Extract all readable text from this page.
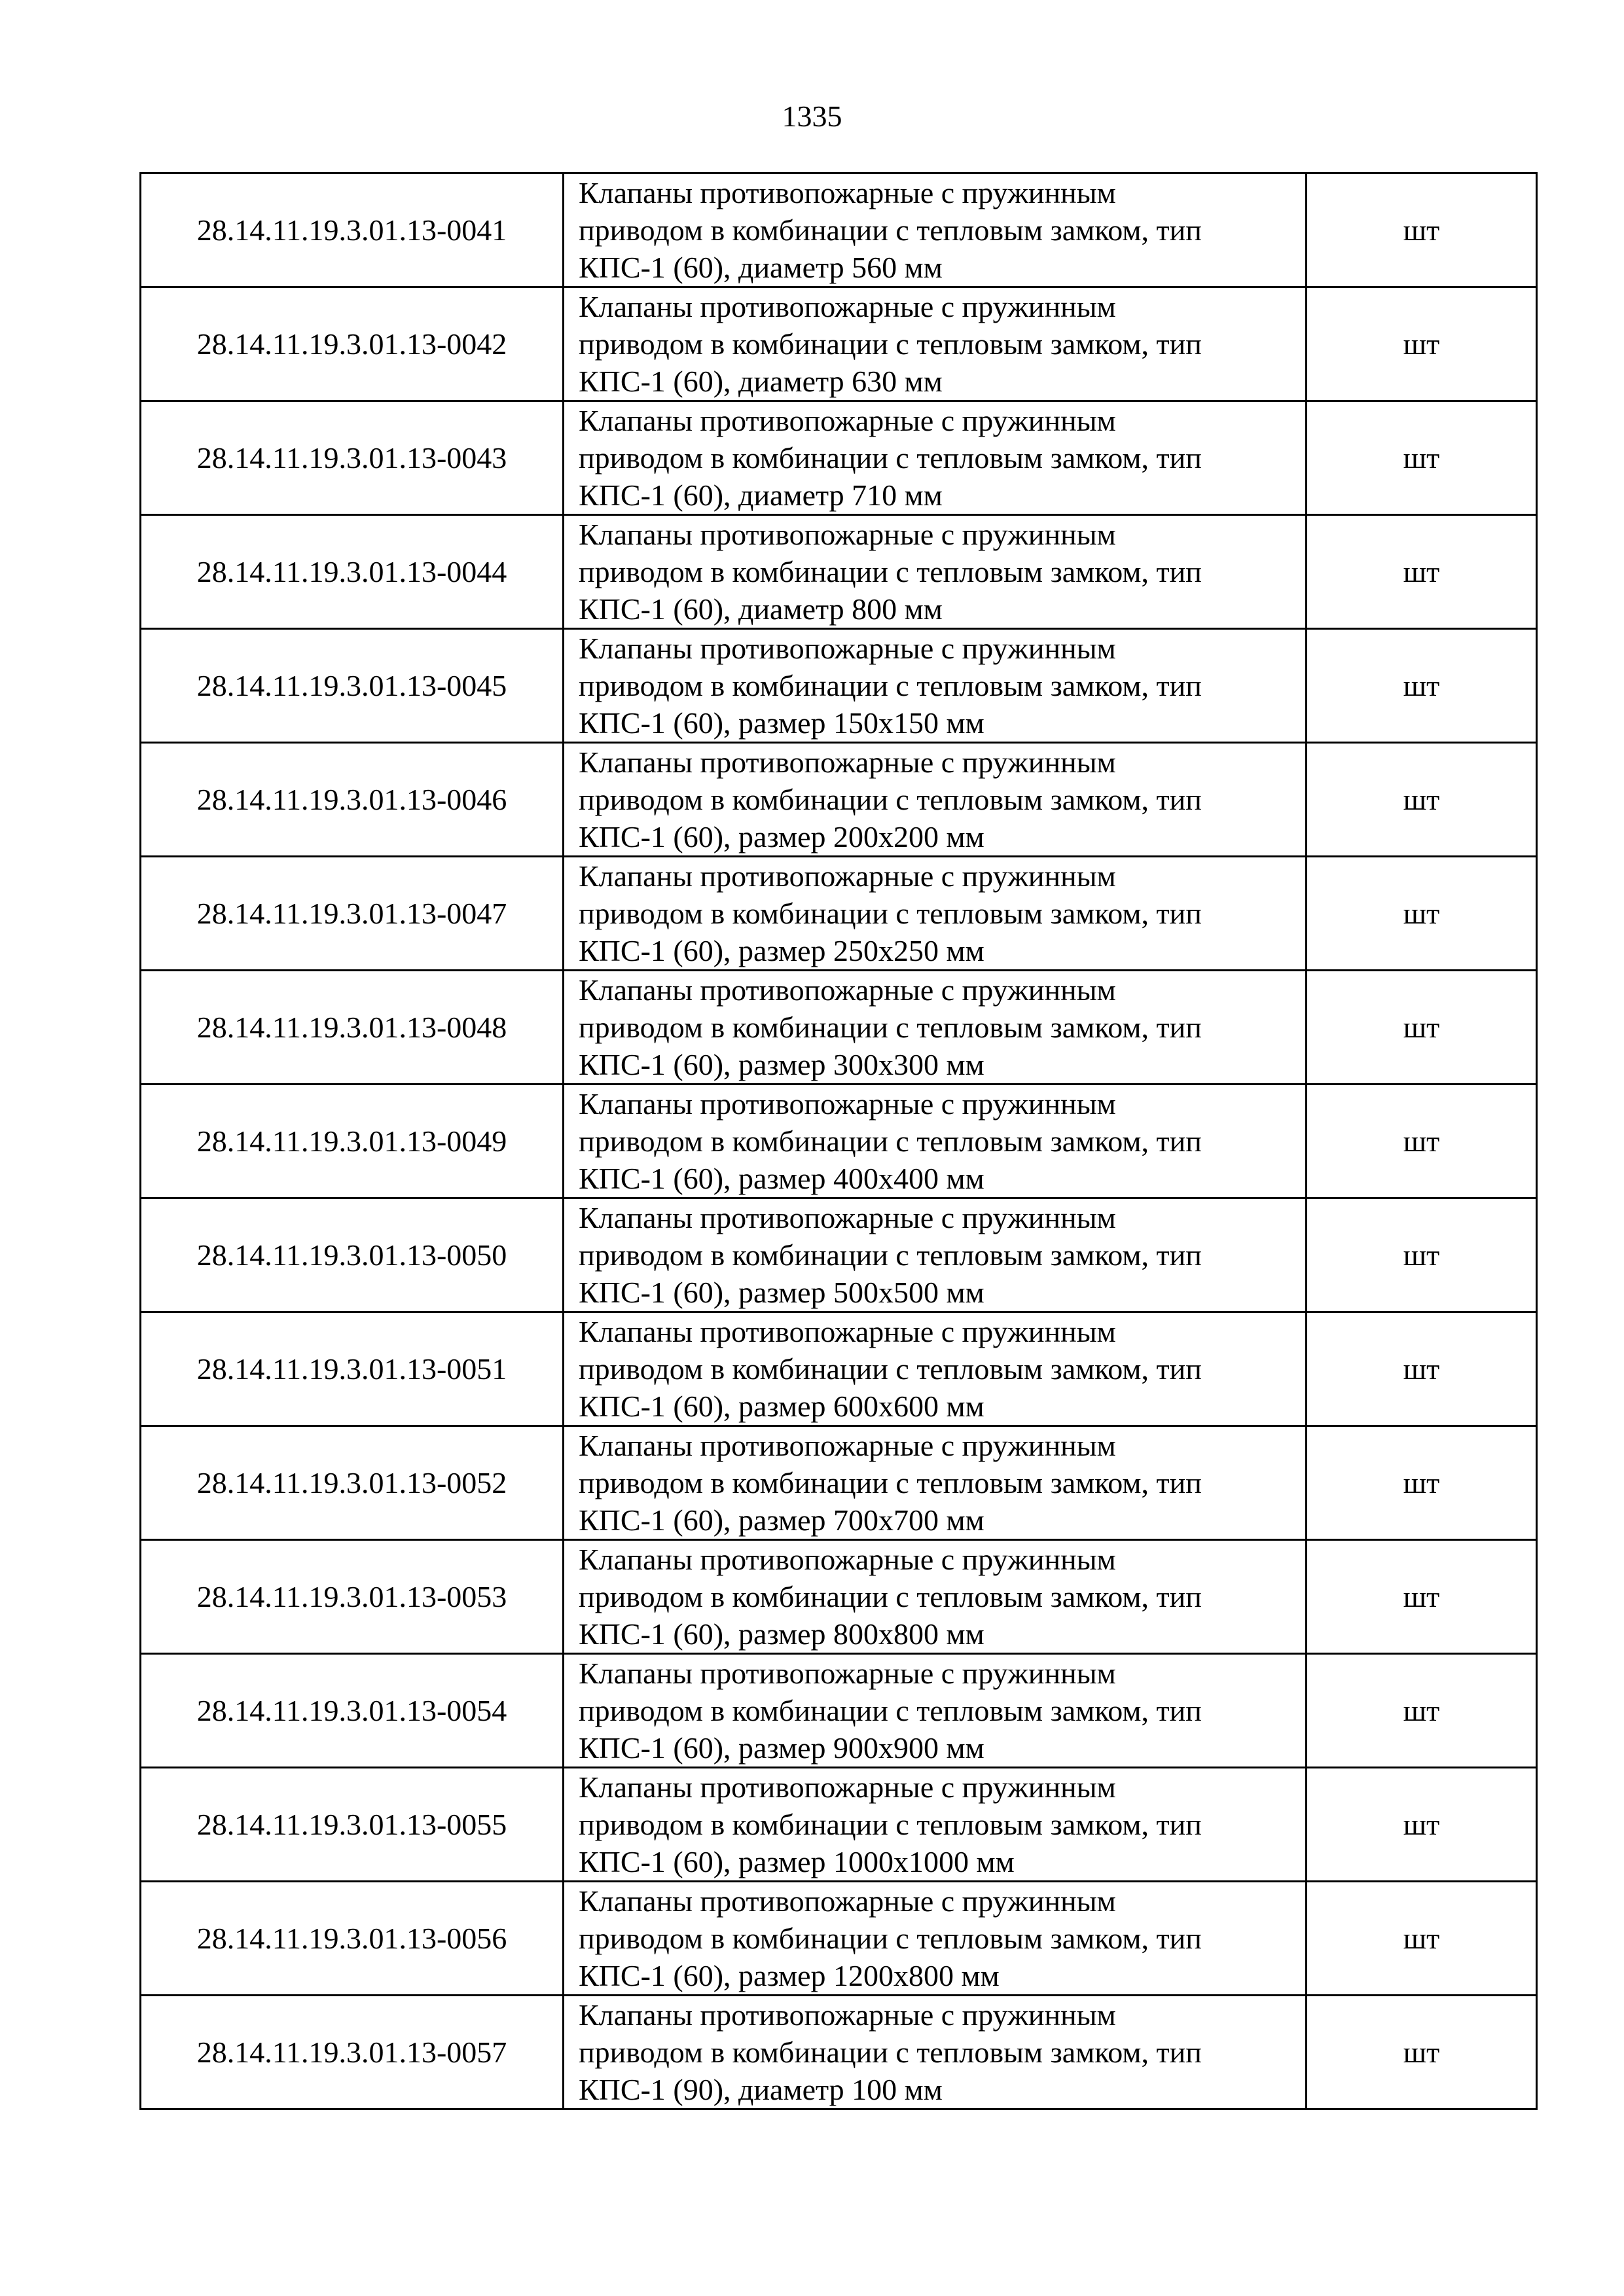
1335
28.14.11.19.3.01.13-0041	Клапаны противопожарные с пружинным
приводом в комбинации с тепловым замком, тип
КПС-1 (60), диаметр 560 мм	шт
28.14.11.19.3.01.13-0042	Клапаны противопожарные с пружинным
приводом в комбинации с тепловым замком, тип
КПС-1 (60), диаметр 630 мм	шт
28.14.11.19.3.01.13-0043	Клапаны противопожарные с пружинным
приводом в комбинации с тепловым замком, тип
КПС-1 (60), диаметр 710 мм	шт
28.14.11.19.3.01.13-0044	Клапаны противопожарные с пружинным
приводом в комбинации с тепловым замком, тип
КПС-1 (60), диаметр 800 мм	шт
28.14.11.19.3.01.13-0045	Клапаны противопожарные с пружинным
приводом в комбинации с тепловым замком, тип
КПС-1 (60), размер 150х150 мм	шт
28.14.11.19.3.01.13-0046	Клапаны противопожарные с пружинным
приводом в комбинации с тепловым замком, тип
КПС-1 (60), размер 200х200 мм	шт
28.14.11.19.3.01.13-0047	Клапаны противопожарные с пружинным
приводом в комбинации с тепловым замком, тип
КПС-1 (60), размер 250х250 мм	шт
28.14.11.19.3.01.13-0048	Клапаны противопожарные с пружинным
приводом в комбинации с тепловым замком, тип
КПС-1 (60), размер 300х300 мм	шт
28.14.11.19.3.01.13-0049	Клапаны противопожарные с пружинным
приводом в комбинации с тепловым замком, тип
КПС-1 (60), размер 400х400 мм	шт
28.14.11.19.3.01.13-0050	Клапаны противопожарные с пружинным
приводом в комбинации с тепловым замком, тип
КПС-1 (60), размер 500х500 мм	шт
28.14.11.19.3.01.13-0051	Клапаны противопожарные с пружинным
приводом в комбинации с тепловым замком, тип
КПС-1 (60), размер 600х600 мм	шт
28.14.11.19.3.01.13-0052	Клапаны противопожарные с пружинным
приводом в комбинации с тепловым замком, тип
КПС-1 (60), размер 700х700 мм	шт
28.14.11.19.3.01.13-0053	Клапаны противопожарные с пружинным
приводом в комбинации с тепловым замком, тип
КПС-1 (60), размер 800х800 мм	шт
28.14.11.19.3.01.13-0054	Клапаны противопожарные с пружинным
приводом в комбинации с тепловым замком, тип
КПС-1 (60), размер 900х900 мм	шт
28.14.11.19.3.01.13-0055	Клапаны противопожарные с пружинным
приводом в комбинации с тепловым замком, тип
КПС-1 (60), размер 1000х1000 мм	шт
28.14.11.19.3.01.13-0056	Клапаны противопожарные с пружинным
приводом в комбинации с тепловым замком, тип
КПС-1 (60), размер 1200х800 мм	шт
28.14.11.19.3.01.13-0057	Клапаны противопожарные с пружинным
приводом в комбинации с тепловым замком, тип
КПС-1 (90), диаметр 100 мм	шт
